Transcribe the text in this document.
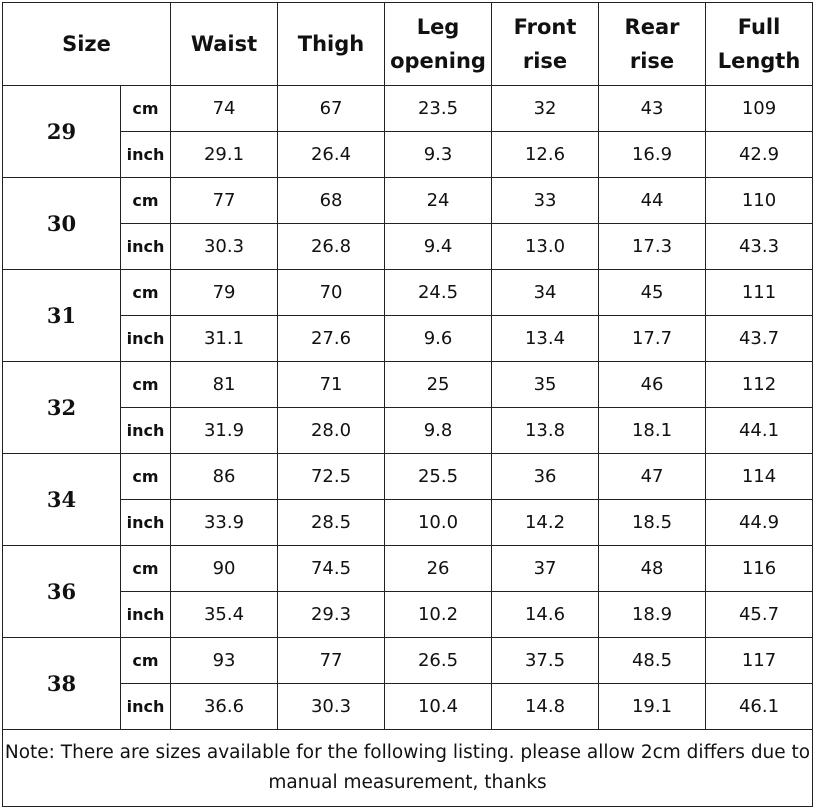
Size		Waist	Thigh	Leg opening	Front rise	Rear rise	Full Length
29	cm	74	67	23.5	32	43	109
	inch	29.1	26.4	9.3	12.6	16.9	42.9
30	cm	77	68	24	33	44	110
	inch	30.3	26.8	9.4	13.0	17.3	43.3
31	cm	79	70	24.5	34	45	111
	inch	31.1	27.6	9.6	13.4	17.7	43.7
32	cm	81	71	25	35	46	112
	inch	31.9	28.0	9.8	13.8	18.1	44.1
34	cm	86	72.5	25.5	36	47	114
	inch	33.9	28.5	10.0	14.2	18.5	44.9
36	cm	90	74.5	26	37	48	116
	inch	35.4	29.3	10.2	14.6	18.9	45.7
38	cm	93	77	26.5	37.5	48.5	117
	inch	36.6	30.3	10.4	14.8	19.1	46.1
Note: There are sizes available for the following listing. please allow 2cm differs due to manual measurement, thanks							
